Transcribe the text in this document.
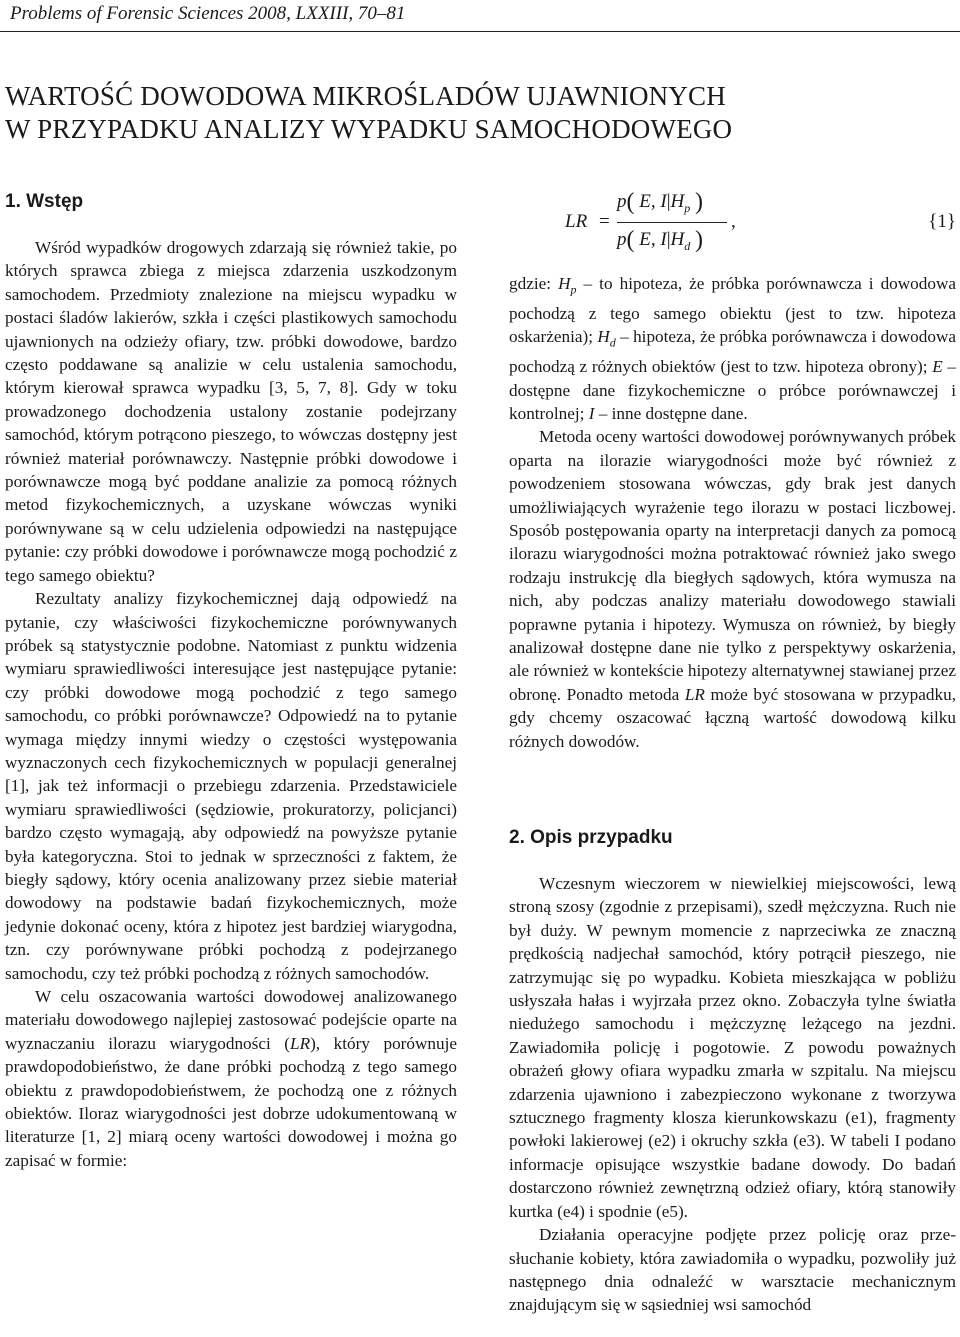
Problems of Forensic Sciences 2008, LXXIII, 70–81
WARTOŚĆ DOWODOWA MIKROŚLADÓW UJAWNIONYCH
W PRZYPADKU ANALIZY WYPADKU SAMOCHODOWEGO
1. Wstęp

Wśród wypadków drogowych zdarzają się również takie, po których sprawca zbiega z miejsca zdarzenia uszkodzonym samochodem. Przedmioty znalezione na miejscu wypadku w postaci śladów lakierów, szkła i części plastikowych samochodu ujawnionych na odzieży ofiary, tzw. próbki dowodowe, bardzo często poddawane są analizie w celu ustalenia samochodu, którym kierował sprawca wypadku [3, 5, 7, 8]. Gdy w toku prowadzonego dochodzenia ustalony zostanie podejrzany samochód, którym potrącono pieszego, to wówczas dostępny jest również materiał porównawczy. Następnie próbki dowodowe i porównawcze mogą być poddane analizie za pomocą różnych metod fizykochemicznych, a uzyskane wówczas wyniki porównywane są w celu udzielenia odpowiedzi na następujące pytanie: czy próbki dowodowe i porównawcze mogą pochodzić z tego samego obiektu?

Rezultaty analizy fizykochemicznej dają odpowiedź na pytanie, czy właściwości fizykochemiczne porównywanych próbek są statystycznie podobne. Natomiast z punktu widzenia wymiaru sprawiedliwości interesujące jest następujące pytanie: czy próbki dowodowe mogą pochodzić z tego samego samochodu, co próbki porównawcze? Odpowiedź na to pytanie wymaga między innymi wiedzy o częstości występowania wyznaczonych cech fizykochemicznych w populacji generalnej [1], jak też informacji o przebiegu zdarzenia. Przedstawiciele wymiaru sprawiedliwości (sędziowie, prokuratorzy, policjanci) bardzo często wymagają, aby odpowiedź na powyższe pytanie była kategoryczna. Stoi to jednak w sprzeczności z faktem, że biegły sądowy, który ocenia analizowany przez siebie materiał dowodowy na podstawie badań fizykochemicznych, może jedynie dokonać oceny, która z hipotez jest bardziej wiarygodna, tzn. czy porównywane próbki pochodzą z podejrzanego samochodu, czy też próbki pochodzą z różnych samochodów.

W celu oszacowania wartości dowodowej analizowanego materiału dowodowego najlepiej zastosować podejście oparte na wyznaczaniu ilorazu wiarygodności (LR), który porównuje prawdopodobieństwo, że dane próbki pochodzą z tego samego obiektu z prawdopodobieństwem, że pochodzą one z różnych obiektów. Iloraz wiarygodności jest dobrze udokumentowaną w literaturze [1, 2] miarą oceny wartości dowodowej i można go zapisać w formie:

LR =
p( E, $I|H_p$ )
p( E, $I|H_d$ )
,	{1}

gdzie: $H_p$ – to hipoteza, że próbka porównawcza i dowodowa pochodzą z tego samego obiektu (jest to tzw. hipoteza oskarżenia); $H_d$ – hipoteza, że próbka porównawcza i dowodowa pochodzą z różnych obiektów (jest to tzw. hipoteza obrony); E – dostępne dane fizykochemiczne o próbce porównawczej i kontrolnej; I – inne dostępne dane.

Metoda oceny wartości dowodowej porównywanych próbek oparta na ilorazie wiarygodności może być również z powodzeniem stosowana wówczas, gdy brak jest danych umożliwiających wyrażenie tego ilorazu w postaci liczbowej. Sposób postępowania oparty na interpretacji danych za pomocą ilorazu wiarygodności można potraktować również jako swego rodzaju instrukcję dla biegłych sądowych, która wymusza na nich, aby podczas analizy materiału dowodowego stawiali poprawne pytania i hipotezy. Wymusza on również, by biegły analizował dostępne dane nie tylko z perspektywy oskarżenia, ale również w kontekście hipotezy alternatywnej stawianej przez obronę. Ponadto metoda LR może być stosowana w przypadku, gdy chcemy oszacować łączną wartość dowodową kilku różnych dowodów.

2. Opis przypadku

Wczesnym wieczorem w niewielkiej miejscowości, lewą stroną szosy (zgodnie z przepisami), szedł mężczyzna. Ruch nie był duży. W pewnym momencie z naprzeciwka ze znaczną prędkością nadjechał samochód, który potrącił pieszego, nie zatrzymując się po wypadku. Kobieta mieszkająca w pobliżu usłyszała hałas i wyjrzała przez okno. Zobaczyła tylne światła niedużego samochodu i mężczyznę leżącego na jezdni. Zawiadomiła policję i pogotowie. Z powodu poważnych obrażeń głowy ofiara wypadku zmarła w szpitalu. Na miejscu zdarzenia ujawniono i zabezpieczono wykonane z tworzywa sztucznego fragmenty klosza kierunkowskazu (e1), fragmenty powłoki lakierowej (e2) i okruchy szkła (e3). W tabeli I podano informacje opisujące wszystkie badane dowody. Do badań dostarczono również zewnętrzną odzież ofiary, którą stanowiły kurtka (e4) i spodnie (e5).

Działania operacyjne podjęte przez policję oraz przesłuchanie kobiety, która zawiadomiła o wypadku, pozwoliły już następnego dnia odnaleźć w warsztacie mechanicznym znajdującym się w sąsiedniej wsi samochód
